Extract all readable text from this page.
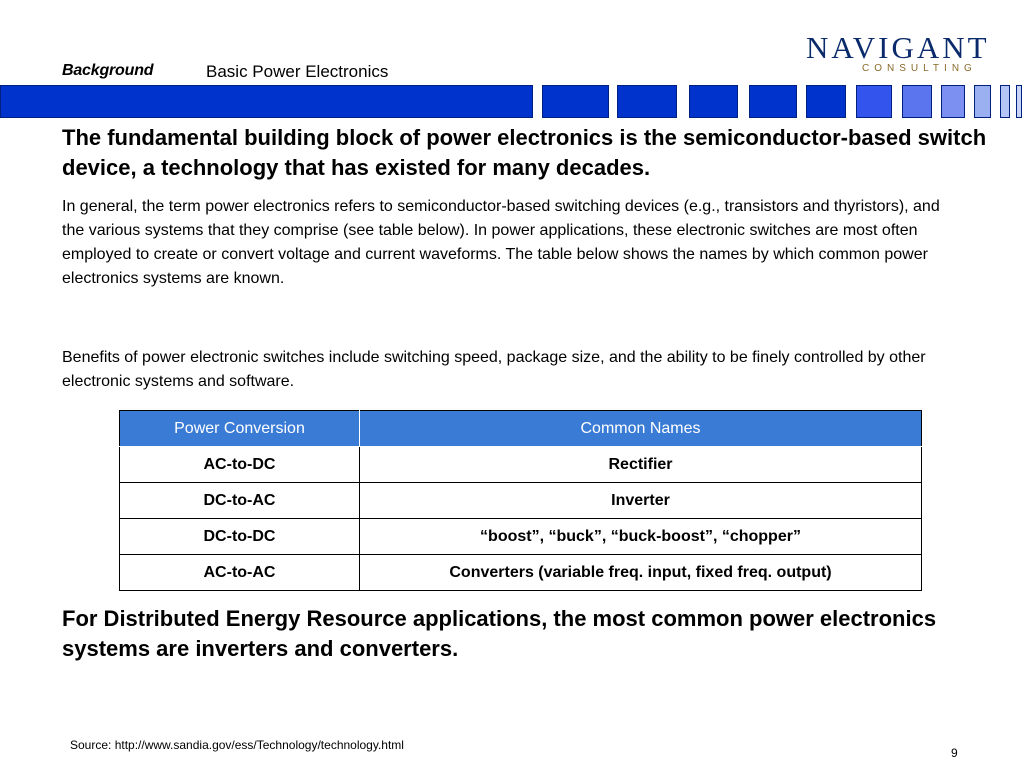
Background	Basic Power Electronics
NAVIGANT
CONSULTING

The fundamental building block of power electronics is the semiconductor-based switch device, a technology that has existed for many decades.

In general, the term power electronics refers to semiconductor-based switching devices (e.g., transistors and thyristors), and the various systems that they comprise (see table below). In power applications, these electronic switches are most often employed to create or convert voltage and current waveforms. The table below shows the names by which common power electronics systems are known.

Benefits of power electronic switches include switching speed, package size, and the ability to be finely controlled by other electronic systems and software.

Power Conversion	Common Names
AC-to-DC	Rectifier
DC-to-AC	Inverter
DC-to-DC	“boost”, “buck”, “buck-boost”, “chopper”
AC-to-AC	Converters (variable freq. input, fixed freq. output)

For Distributed Energy Resource applications, the most common power electronics systems are inverters and converters.

Source: http://www.sandia.gov/ess/Technology/technology.html
9
